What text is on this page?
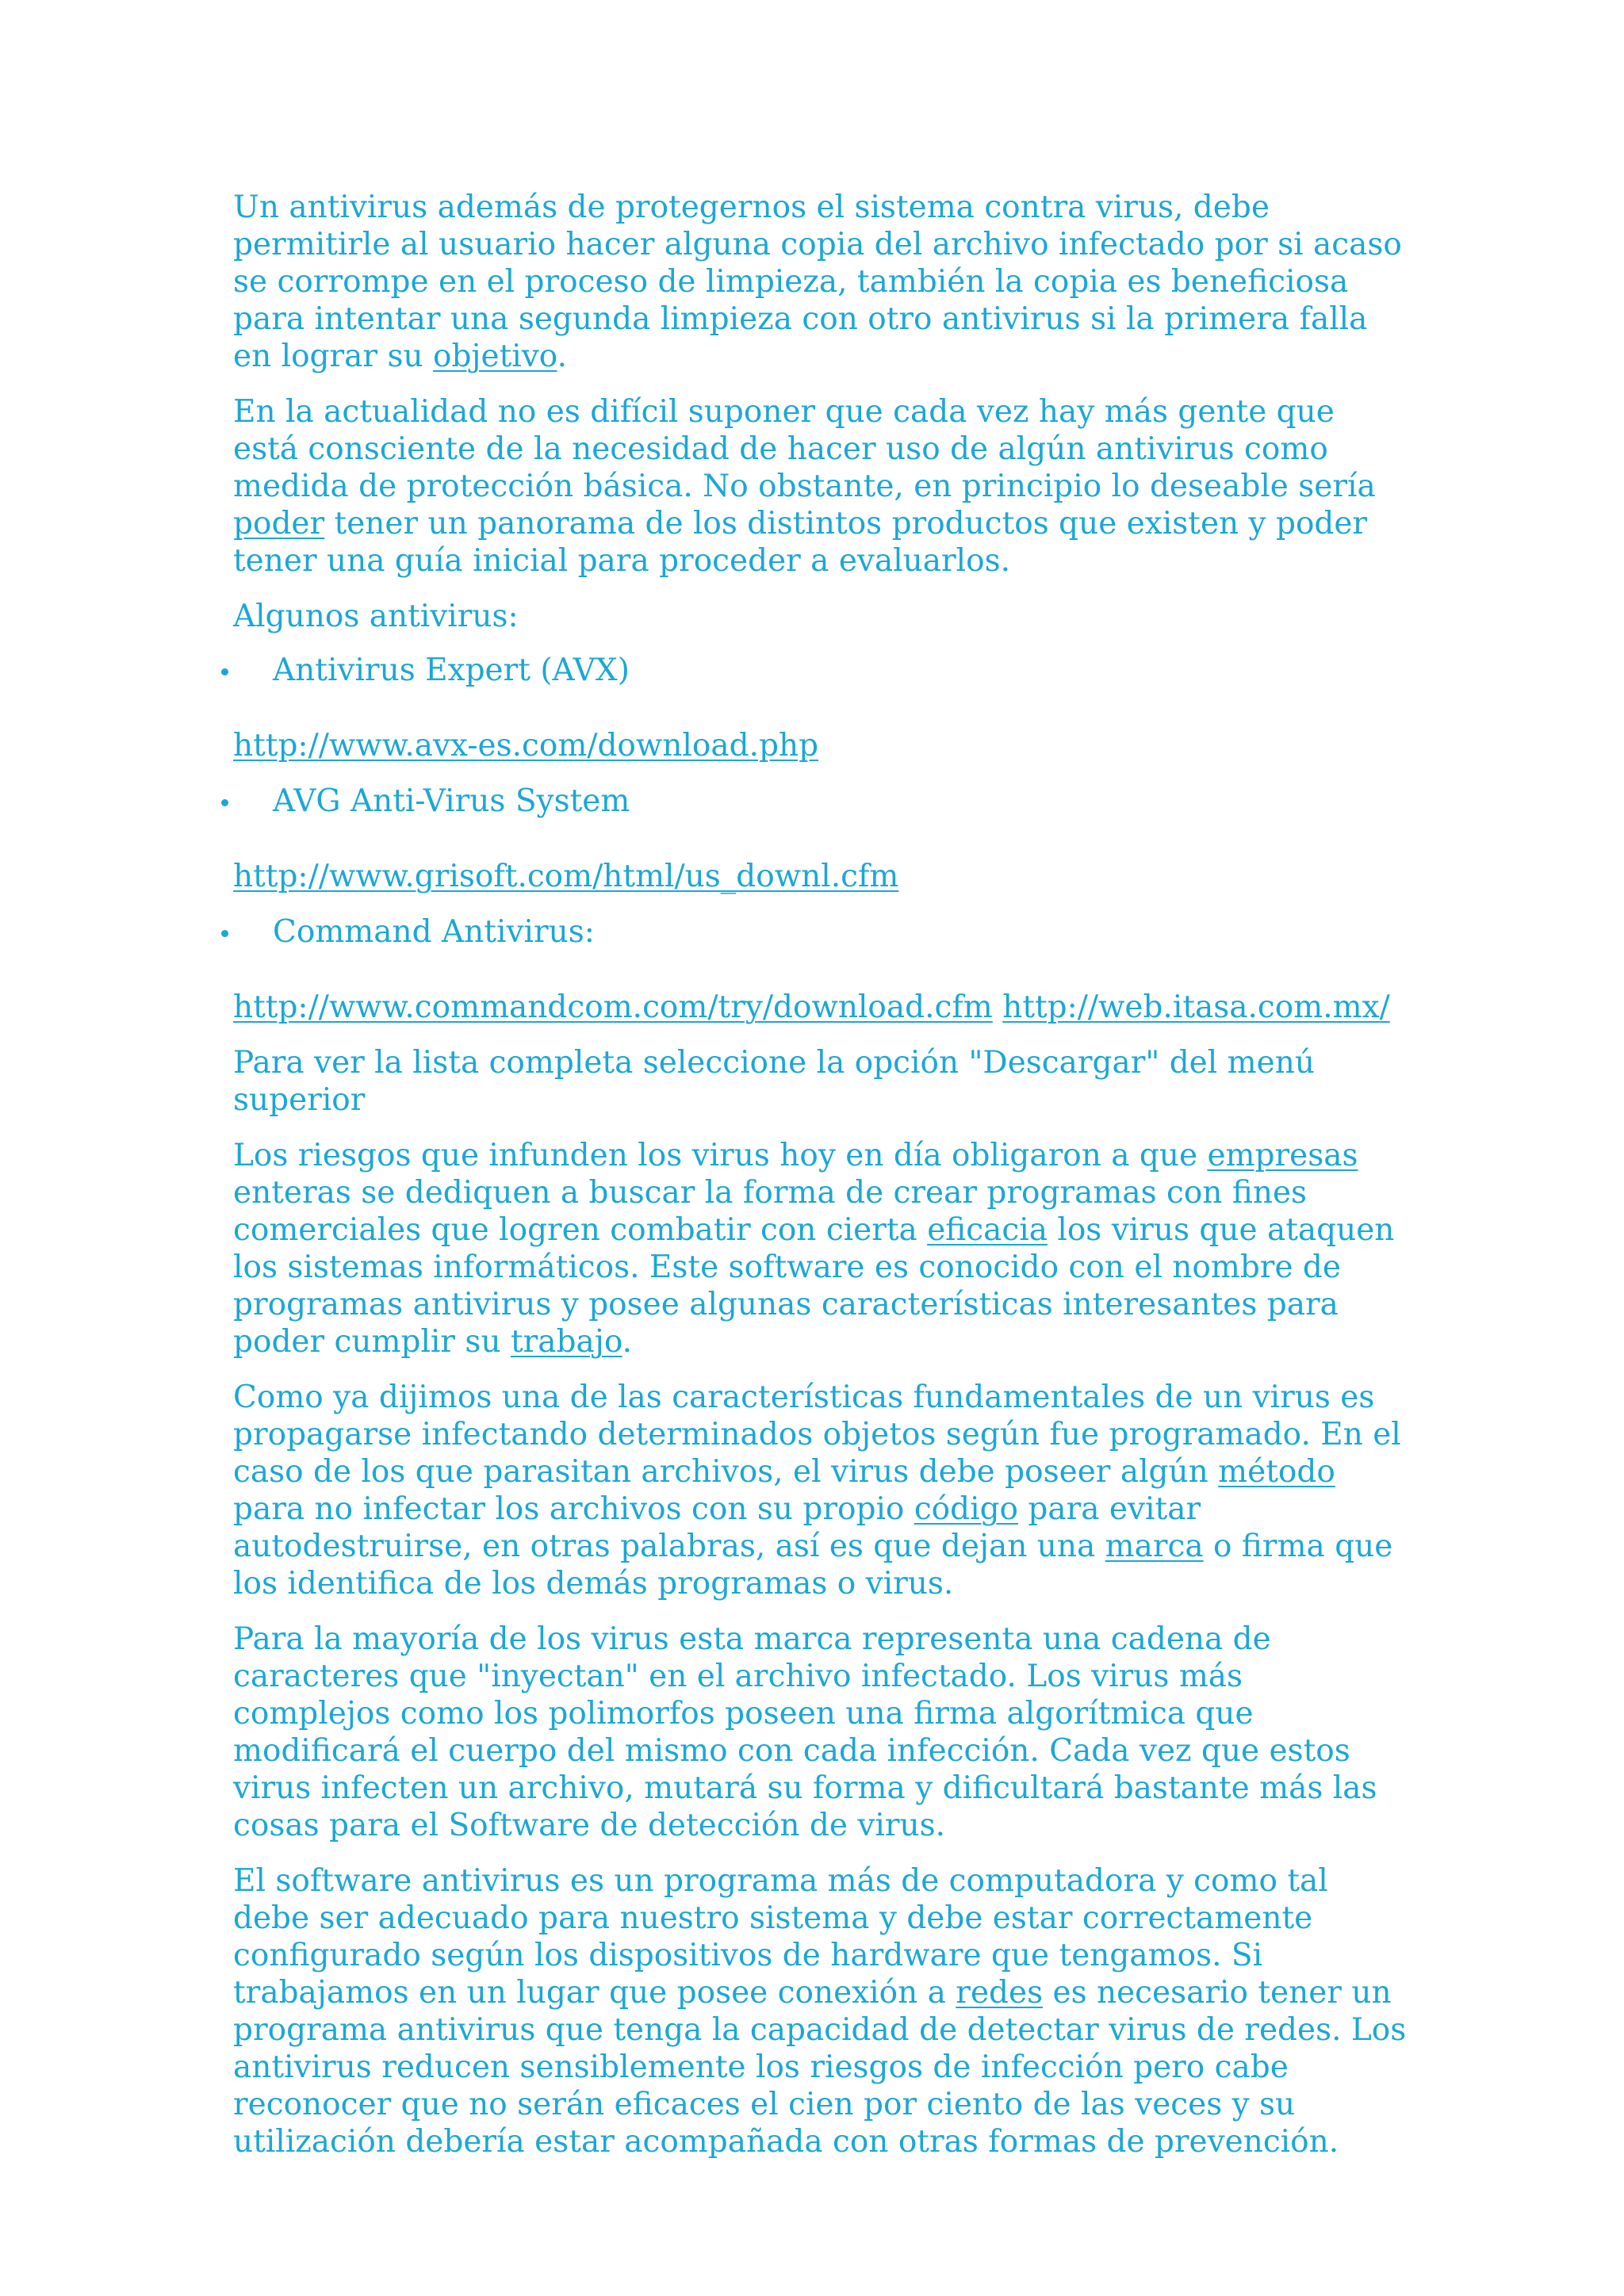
Un antivirus además de protegernos el sistema contra virus, debe permitirle al usuario hacer alguna copia del archivo infectado por si acaso se corrompe en el proceso de limpieza, también la copia es beneficiosa para intentar una segunda limpieza con otro antivirus si la primera falla en lograr su objetivo.

En la actualidad no es difícil suponer que cada vez hay más gente que está consciente de la necesidad de hacer uso de algún antivirus como medida de protección básica. No obstante, en principio lo deseable sería poder tener un panorama de los distintos productos que existen y poder tener una guía inicial para proceder a evaluarlos.

Algunos antivirus:

Antivirus Expert (AVX)

http://www.avx-es.com/download.php

AVG Anti-Virus System

http://www.grisoft.com/html/us_downl.cfm

Command Antivirus:

http://www.commandcom.com/try/download.cfm http://web.itasa.com.mx/

Para ver la lista completa seleccione la opción "Descargar" del menú superior

Los riesgos que infunden los virus hoy en día obligaron a que empresas enteras se dediquen a buscar la forma de crear programas con fines comerciales que logren combatir con cierta eficacia los virus que ataquen los sistemas informáticos. Este software es conocido con el nombre de programas antivirus y posee algunas características interesantes para poder cumplir su trabajo.

Como ya dijimos una de las características fundamentales de un virus es propagarse infectando determinados objetos según fue programado. En el caso de los que parasitan archivos, el virus debe poseer algún método para no infectar los archivos con su propio código para evitar autodestruirse, en otras palabras, así es que dejan una marca o firma que los identifica de los demás programas o virus.

Para la mayoría de los virus esta marca representa una cadena de caracteres que "inyectan" en el archivo infectado. Los virus más complejos como los polimorfos poseen una firma algorítmica que modificará el cuerpo del mismo con cada infección. Cada vez que estos virus infecten un archivo, mutará su forma y dificultará bastante más las cosas para el Software de detección de virus.

El software antivirus es un programa más de computadora y como tal debe ser adecuado para nuestro sistema y debe estar correctamente configurado según los dispositivos de hardware que tengamos. Si trabajamos en un lugar que posee conexión a redes es necesario tener un programa antivirus que tenga la capacidad de detectar virus de redes. Los antivirus reducen sensiblemente los riesgos de infección pero cabe reconocer que no serán eficaces el cien por ciento de las veces y su utilización debería estar acompañada con otras formas de prevención.
